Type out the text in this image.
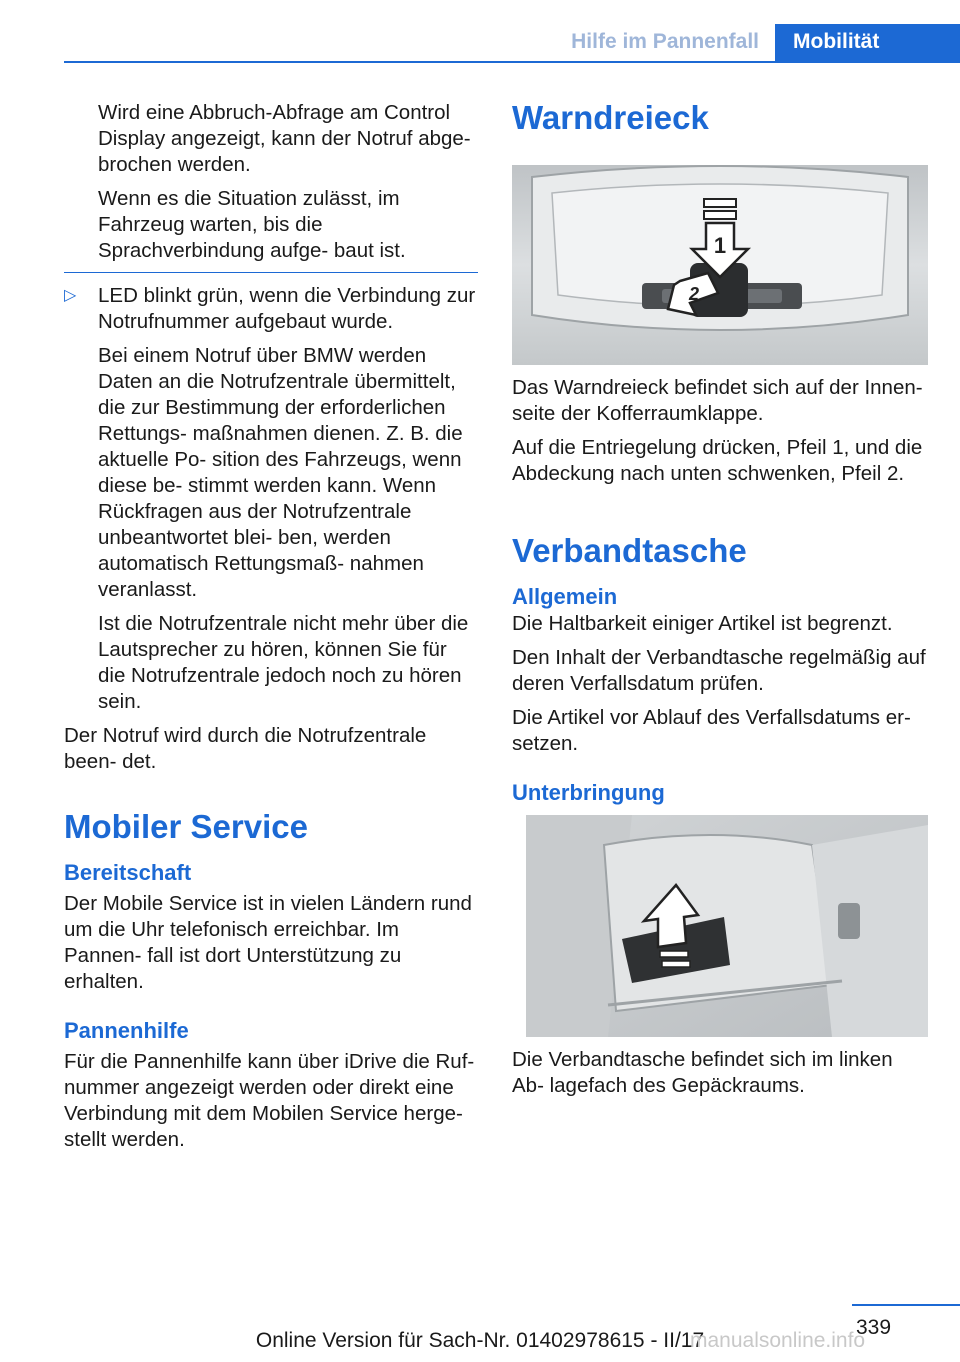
Hilfe im Pannenfall	Mobilität

Wird eine Abbruch-Abfrage am Control Display angezeigt, kann der Notruf abge‐ brochen werden.

Wenn es die Situation zulässt, im Fahrzeug warten, bis die Sprachverbindung aufge‐ baut ist.

▷ LED blinkt grün, wenn die Verbindung zur Notrufnummer aufgebaut wurde.

Bei einem Notruf über BMW werden Daten an die Notrufzentrale übermittelt, die zur Bestimmung der erforderlichen Rettungs‐ maßnahmen dienen. Z. B. die aktuelle Po‐ sition des Fahrzeugs, wenn diese be‐ stimmt werden kann. Wenn Rückfragen aus der Notrufzentrale unbeantwortet blei‐ ben, werden automatisch Rettungsmaß‐ nahmen veranlasst.

Ist die Notrufzentrale nicht mehr über die Lautsprecher zu hören, können Sie für die Notrufzentrale jedoch noch zu hören sein.

Der Notruf wird durch die Notrufzentrale been‐ det.

Mobiler Service
Bereitschaft

Der Mobile Service ist in vielen Ländern rund um die Uhr telefonisch erreichbar. Im Pannen‐ fall ist dort Unterstützung zu erhalten.

Pannenhilfe

Für die Pannenhilfe kann über iDrive die Ruf‐ nummer angezeigt werden oder direkt eine Verbindung mit dem Mobilen Service herge‐ stellt werden.

Warndreieck
1
2

Das Warndreieck befindet sich auf der Innen‐ seite der Kofferraumklappe.

Auf die Entriegelung drücken, Pfeil 1, und die Abdeckung nach unten schwenken, Pfeil 2.

Verbandtasche
Allgemein

Die Haltbarkeit einiger Artikel ist begrenzt.

Den Inhalt der Verbandtasche regelmäßig auf deren Verfallsdatum prüfen.

Die Artikel vor Ablauf des Verfallsdatums er‐ setzen.

Unterbringung

Die Verbandtasche befindet sich im linken Ab‐ lagefach des Gepäckraums.

339
Online Version für Sach-Nr. 01402978615 - II/17
manualsonline.info
